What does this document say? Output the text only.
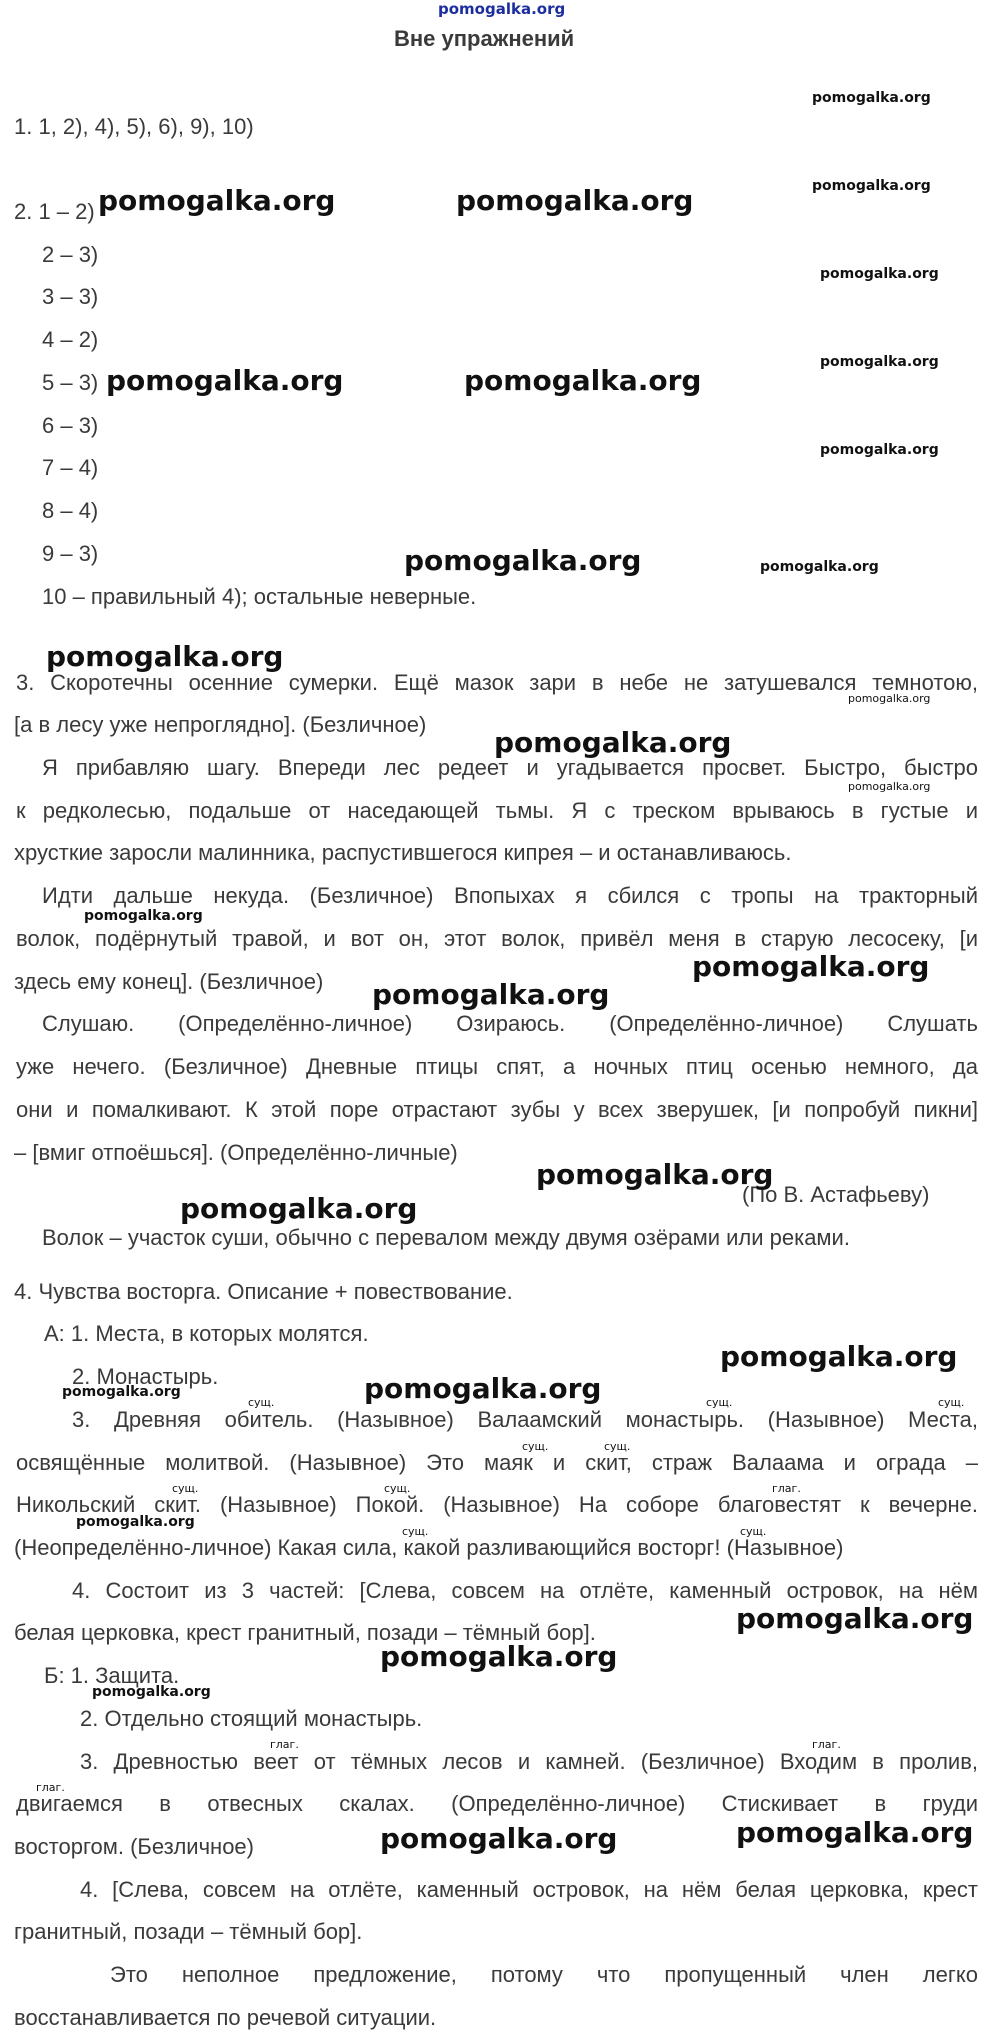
pomogalka.org
Вне упражнений
1. 1, 2), 4), 5), 6), 9), 10)
2. 1 – 2)
2 – 3)
3 – 3)
4 – 2)
5 – 3)
6 – 3)
7 – 4)
8 – 4)
9 – 3)
10 – правильный 4); остальные неверные.
3. Скоротечны осенние сумерки. Ещё мазок зари в небе не затушевался темнотою,
[а в лесу уже непроглядно]. (Безличное)
Я прибавляю шагу. Впереди лес редеет и угадывается просвет. Быстро, быстро
к редколесью, подальше от наседающей тьмы. Я с треском врываюсь в густые и
хрусткие заросли малинника, распустившегося кипрея – и останавливаюсь.
Идти дальше некуда. (Безличное) Впопыхах я сбился с тропы на тракторный
волок, подёрнутый травой, и вот он, этот волок, привёл меня в старую лесосеку, [и
здесь ему конец]. (Безличное)
Слушаю. (Определённо-личное) Озираюсь. (Определённо-личное) Слушать
уже нечего. (Безличное) Дневные птицы спят, а ночных птиц осенью немного, да
они и помалкивают. К этой поре отрастают зубы у всех зверушек, [и попробуй пикни]
– [вмиг отпоёшься]. (Определённо-личные)
(По В. Астафьеву)
Волок – участок суши, обычно с перевалом между двумя озёрами или реками.
4. Чувства восторга. Описание + повествование.
А: 1. Места, в которых молятся.
2. Монастырь.
3. Древняя обитель. (Назывное) Валаамский монастырь. (Назывное) Места,
освящённые молитвой. (Назывное) Это маяк и скит, страж Валаама и ограда –
Никольский скит. (Назывное) Покой. (Назывное) На соборе благовестят к вечерне.
(Неопределённо-личное) Какая сила, какой разливающийся восторг! (Назывное)
4. Состоит из 3 частей: [Слева, совсем на отлёте, каменный островок, на нём
белая церковка, крест гранитный, позади – тёмный бор].
Б: 1. Защита.
2. Отдельно стоящий монастырь.
3. Древностью веет от тёмных лесов и камней. (Безличное) Входим в пролив,
двигаемся в отвесных скалах. (Определённо-личное) Стискивает в груди
восторгом. (Безличное)
4. [Слева, совсем на отлёте, каменный островок, на нём белая церковка, крест
гранитный, позади – тёмный бор].
Это неполное предложение, потому что пропущенный член легко
восстанавливается по речевой ситуации.
сущ.	сущ.	сущ.
сущ.	сущ.
сущ.	сущ.	глаг.
сущ.	сущ.
глаг.	глаг.
глаг.
pomogalka.org
pomogalka.org
pomogalka.org	pomogalka.org
pomogalka.org
pomogalka.org
pomogalka.org	pomogalka.org
pomogalka.org
pomogalka.org	pomogalka.org
pomogalka.org
pomogalka.org
pomogalka.org
pomogalka.org
pomogalka.org
pomogalka.org
pomogalka.org
pomogalka.org
pomogalka.org
pomogalka.org
pomogalka.org
pomogalka.org
pomogalka.org
pomogalka.org
pomogalka.org
pomogalka.org
pomogalka.org
pomogalka.org
